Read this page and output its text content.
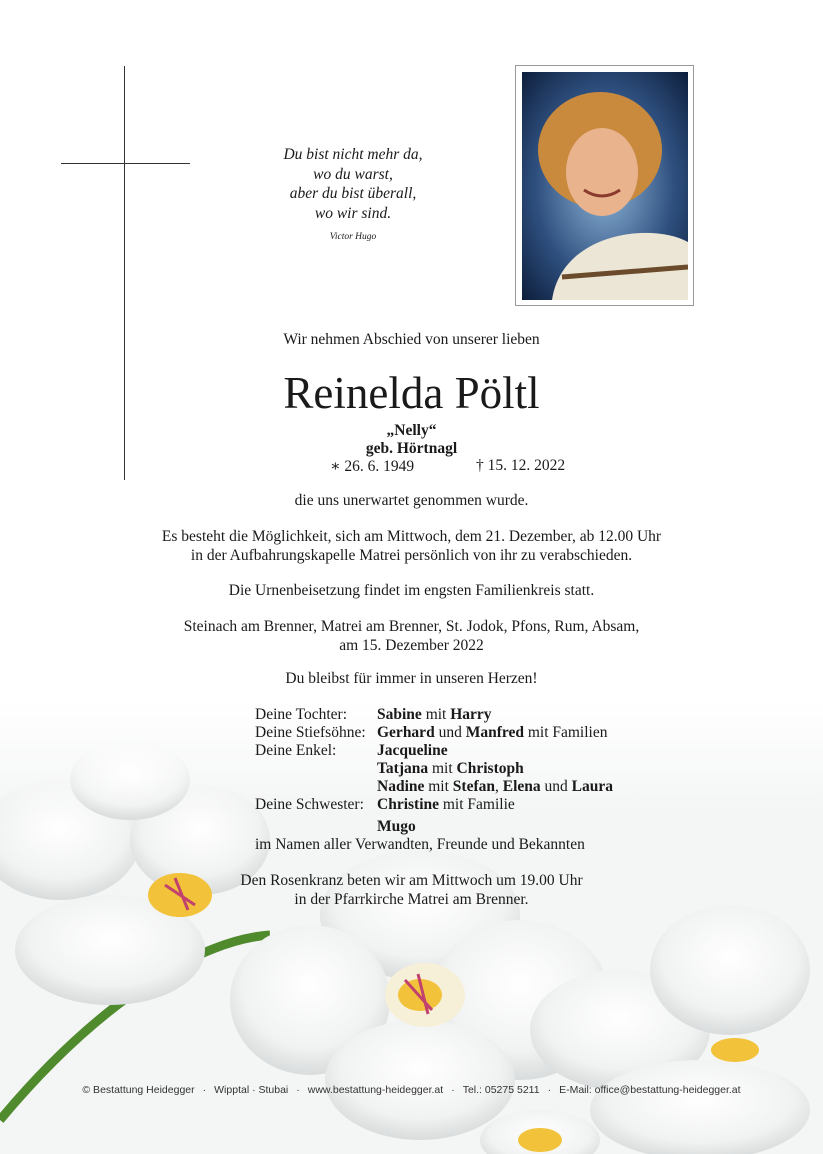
Du bist nicht mehr da,
wo du warst,
aber du bist überall,
wo wir sind.
Victor Hugo
Wir nehmen Abschied von unserer lieben
Reinelda Pöltl
„Nelly“
geb. Hörtnagl
∗ 26. 6. 1949	† 15. 12. 2022
die uns unerwartet genommen wurde.
Es besteht die Möglichkeit, sich am Mittwoch, dem 21. Dezember, ab 12.00 Uhr
in der Aufbahrungskapelle Matrei persönlich von ihr zu verabschieden.
Die Urnenbeisetzung findet im engsten Familienkreis statt.
Steinach am Brenner, Matrei am Brenner, St. Jodok, Pfons, Rum, Absam,
am 15. Dezember 2022
Du bleibst für immer in unseren Herzen!
Deine Tochter:	Sabine mit Harry
Deine Stiefsöhne: Gerhard und Manfred mit Familien
Deine Enkel:	Jacqueline
Tatjana mit Christoph
Nadine mit Stefan, Elena und Laura
Deine Schwester: Christine mit Familie
Mugo
im Namen aller Verwandten, Freunde und Bekannten
Den Rosenkranz beten wir am Mittwoch um 19.00 Uhr
in der Pfarrkirche Matrei am Brenner.
© Bestattung Heidegger · Wipptal · Stubai · www.bestattung-heidegger.at · Tel.: 05275 5211 · E-Mail: office@bestattung-heidegger.at
